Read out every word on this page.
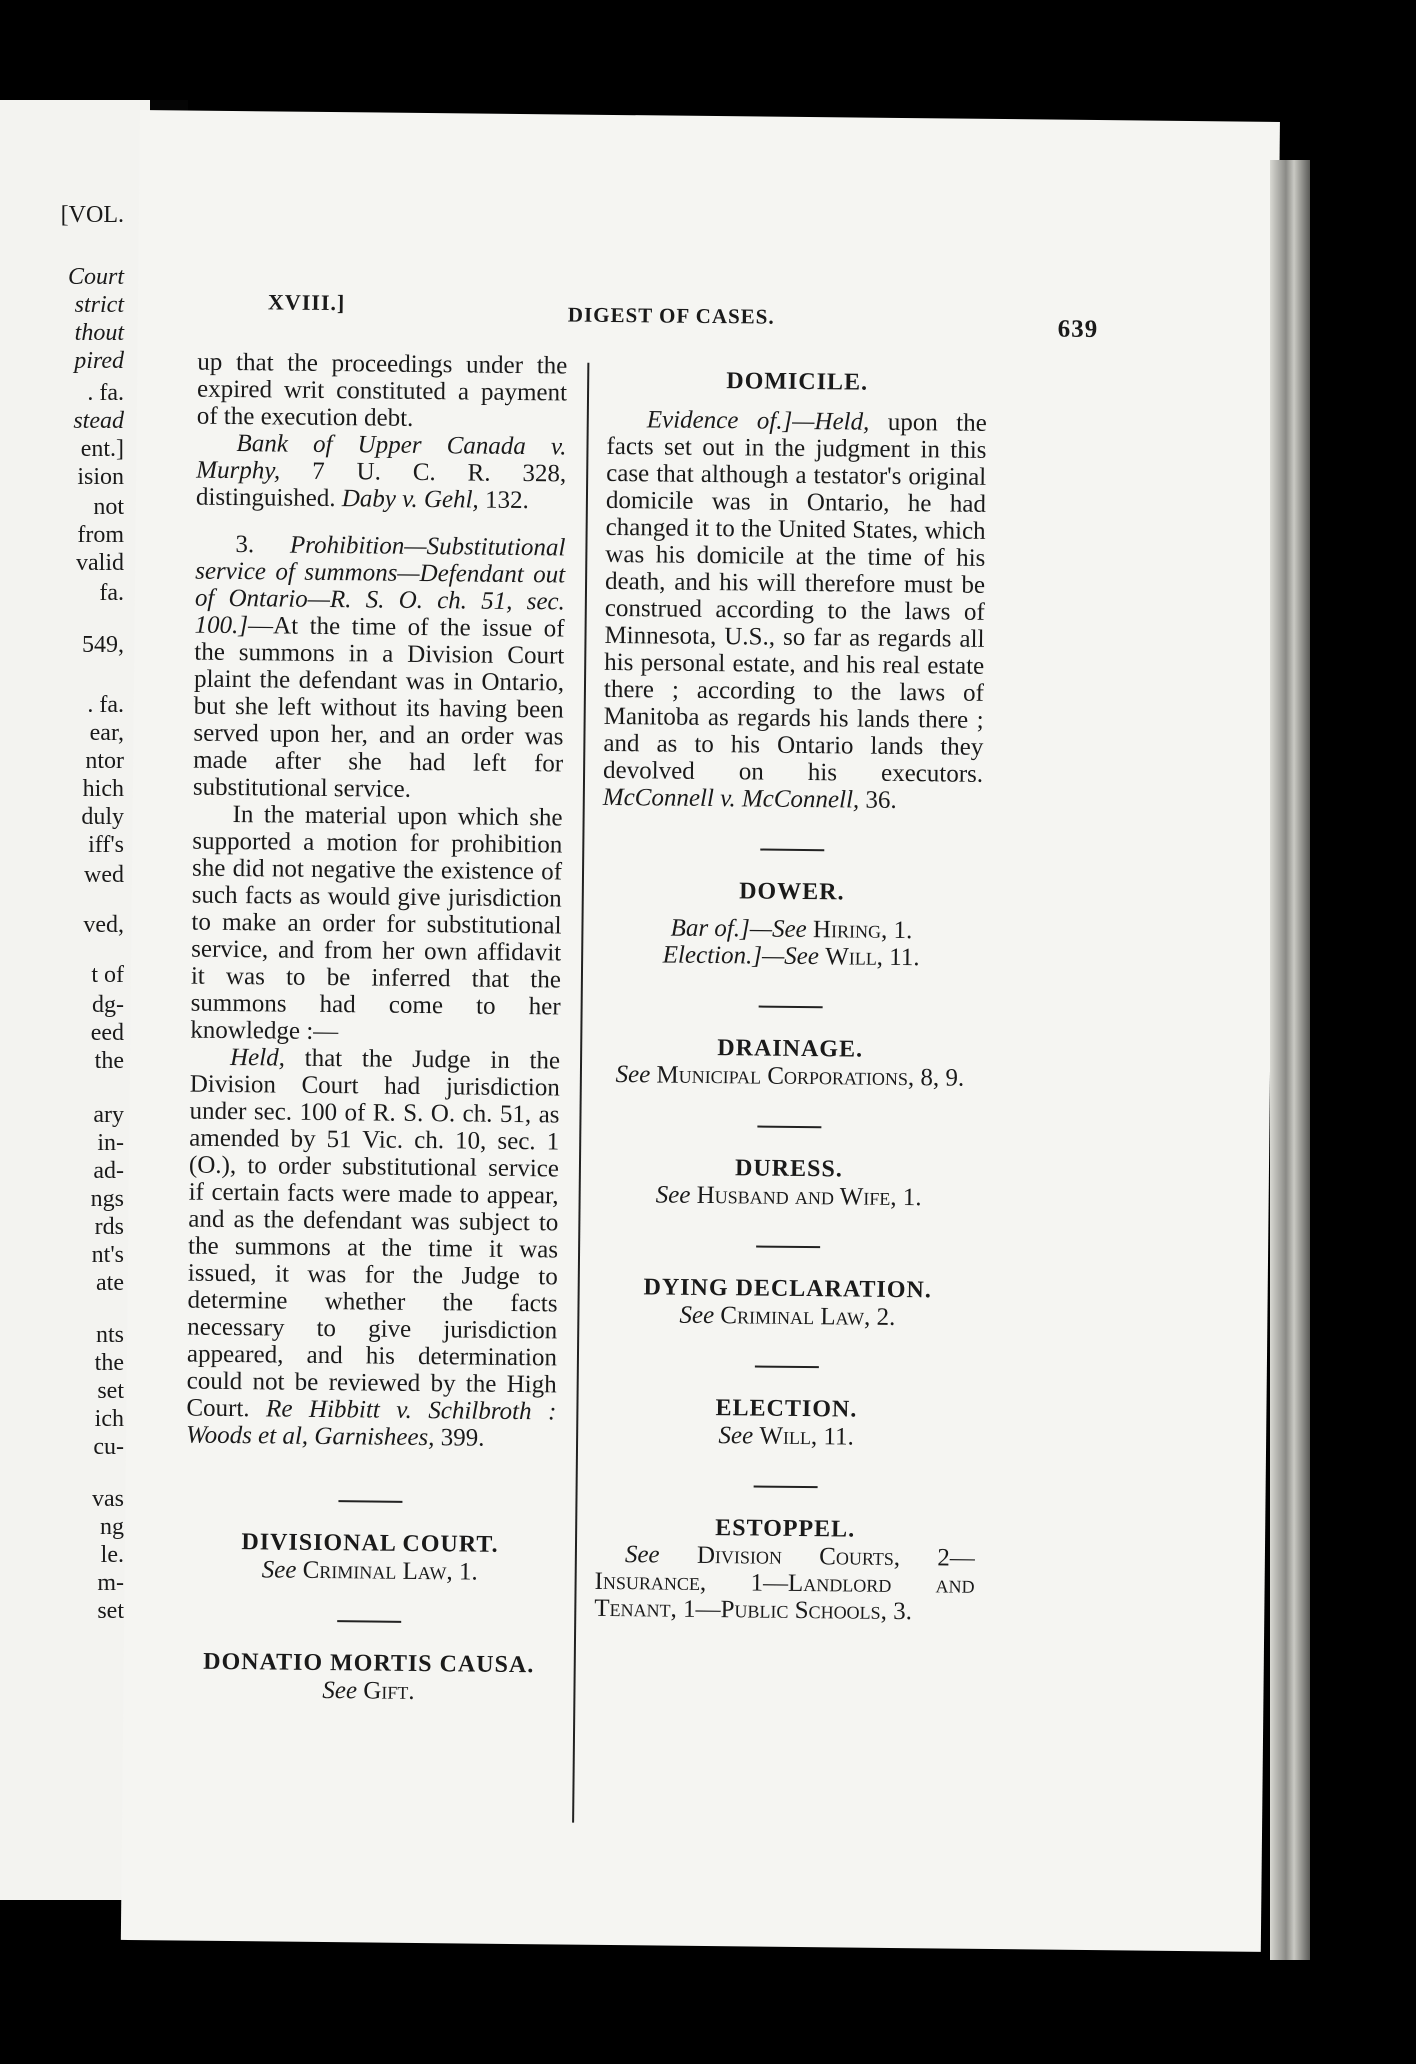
[VOL.
Court
strict
thout
pired
. fa.
stead
ent.]
ision
not
from
valid
fa.
549,
. fa.
ear,
ntor
hich
duly
iff's
wed
ved,
t of
dg-
eed
the
ary
in-
ad-
ngs
rds
nt's
ate
nts
the
set
ich
cu-
vas
ng
le.
m-
set
XVIII.]
DIGEST OF CASES.
639

up that the proceedings under the expired writ constituted a payment of the execution debt.

Bank of Upper Canada v. Murphy, 7 U. C. R. 328, distinguished. Daby v. Gehl, 132.

3. Prohibition—Substitutional service of summons—Defendant out of Ontario—R. S. O. ch. 51, sec. 100.]—At the time of the issue of the summons in a Division Court plaint the defendant was in Ontario, but she left without its having been served upon her, and an order was made after she had left for substitutional service.

In the material upon which she supported a motion for prohibition she did not negative the existence of such facts as would give jurisdiction to make an order for substitutional service, and from her own affidavit it was to be inferred that the summons had come to her knowledge :—

Held, that the Judge in the Division Court had jurisdiction under sec. 100 of R. S. O. ch. 51, as amended by 51 Vic. ch. 10, sec. 1 (O.), to order substitutional service if certain facts were made to appear, and as the defendant was subject to the summons at the time it was issued, it was for the Judge to determine whether the facts necessary to give jurisdiction appeared, and his determination could not be reviewed by the High Court. Re Hibbitt v. Schilbroth : Woods et al, Garnishees, 399.

DIVISIONAL COURT.

See Criminal Law, 1.

DONATIO MORTIS CAUSA.

See Gift.

DOMICILE.

Evidence of.]—Held, upon the facts set out in the judgment in this case that although a testator's original domicile was in Ontario, he had changed it to the United States, which was his domicile at the time of his death, and his will therefore must be construed according to the laws of Minnesota, U.S., so far as regards all his personal estate, and his real estate there ; according to the laws of Manitoba as regards his lands there ; and as to his Ontario lands they devolved on his executors. McConnell v. McConnell, 36.

DOWER.

Bar of.]—See Hiring, 1.

Election.]—See Will, 11.

DRAINAGE.

See Municipal Corporations, 8, 9.

DURESS.

See Husband and Wife, 1.

DYING DECLARATION.

See Criminal Law, 2.

ELECTION.

See Will, 11.

ESTOPPEL.

See Division Courts, 2—Insurance, 1—Landlord and Tenant, 1—Public Schools, 3.
